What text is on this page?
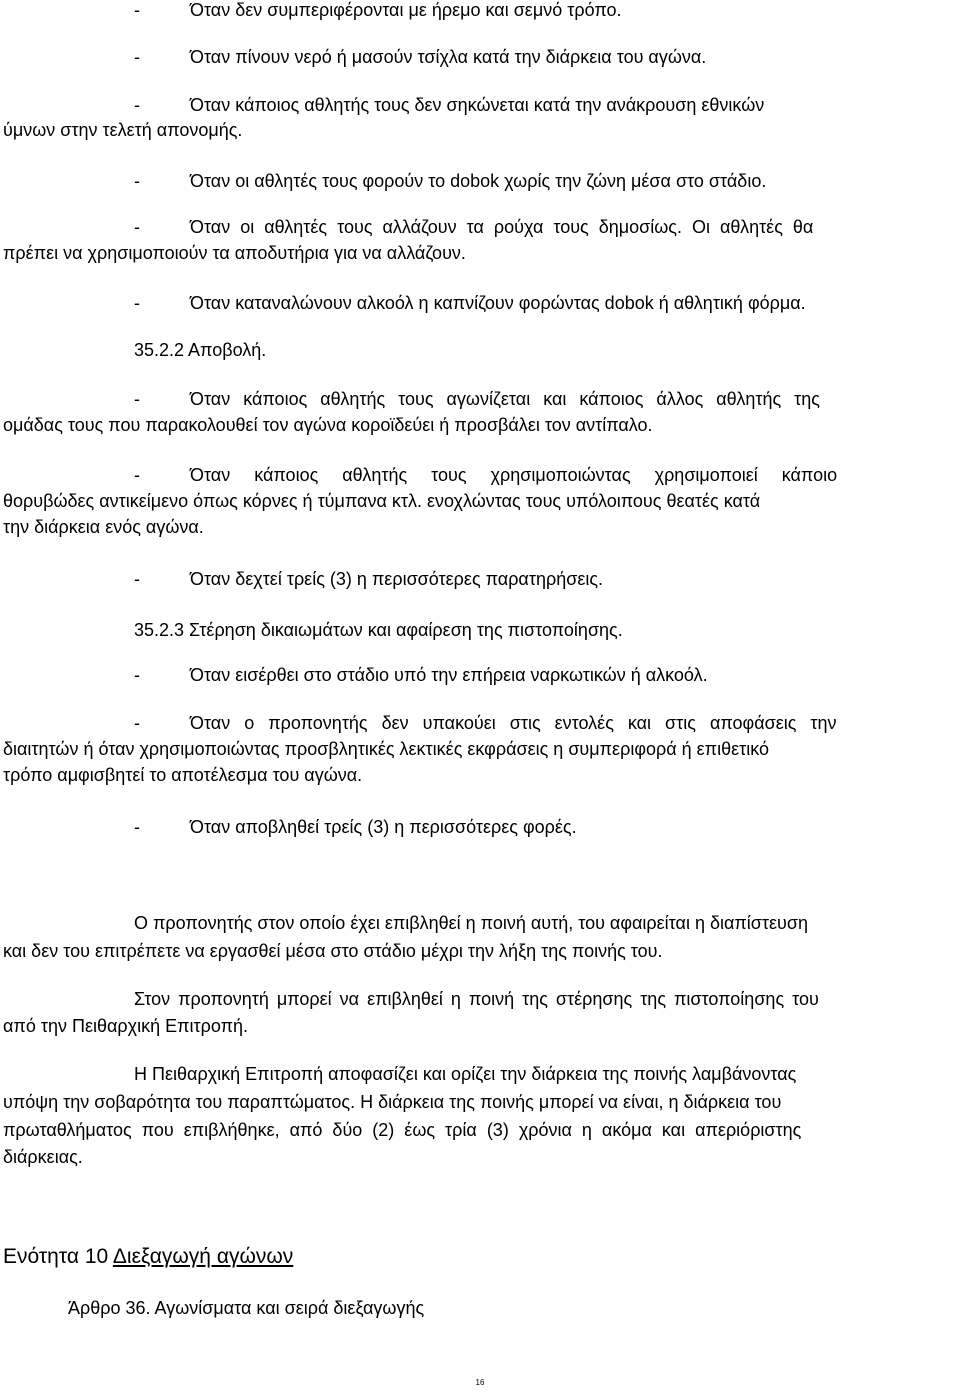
-	Όταν δεν συμπεριφέρονται με ήρεμο και σεμνό τρόπο.
-	Όταν πίνουν νερό ή μασούν τσίχλα κατά την διάρκεια του αγώνα.
-	Όταν κάποιος αθλητής τους δεν σηκώνεται κατά την ανάκρουση εθνικών
ύμνων στην τελετή απονομής.
-	Όταν οι αθλητές τους φορούν το dobok χωρίς την ζώνη μέσα στο στάδιο.
-	Όταν οι αθλητές τους αλλάζουν τα ρούχα τους δημοσίως. Οι αθλητές θα
πρέπει να χρησιμοποιούν τα αποδυτήρια για να αλλάζουν.
-	Όταν καταναλώνουν αλκοόλ η καπνίζουν φορώντας dobok ή αθλητική φόρμα.
35.2.2 Αποβολή.
-	Όταν κάποιος αθλητής τους αγωνίζεται και κάποιος άλλος αθλητής της
ομάδας τους που παρακολουθεί τον αγώνα κοροϊδεύει ή προσβάλει τον αντίπαλο.
-	Όταν κάποιος αθλητής τους χρησιμοποιώντας χρησιμοποιεί κάποιο
θορυβώδες αντικείμενο όπως κόρνες ή τύμπανα κτλ. ενοχλώντας τους υπόλοιπους θεατές κατά
την διάρκεια ενός αγώνα.
-	Όταν δεχτεί τρείς (3) η περισσότερες παρατηρήσεις.
35.2.3 Στέρηση δικαιωμάτων και αφαίρεση της πιστοποίησης.
-	Όταν εισέρθει στο στάδιο υπό την επήρεια ναρκωτικών ή αλκοόλ.
-	Όταν ο προπονητής δεν υπακούει στις εντολές και στις αποφάσεις την
διαιτητών ή όταν χρησιμοποιώντας προσβλητικές λεκτικές εκφράσεις η συμπεριφορά ή επιθετικό
τρόπο αμφισβητεί το αποτέλεσμα του αγώνα.
-	Όταν αποβληθεί τρείς (3) η περισσότερες φορές.
Ο προπονητής στον οποίο έχει επιβληθεί η ποινή αυτή, του αφαιρείται η διαπίστευση
και δεν του επιτρέπετε να εργασθεί μέσα στο στάδιο μέχρι την λήξη της ποινής του.
Στον προπονητή μπορεί να επιβληθεί η ποινή της στέρησης της πιστοποίησης του
από την Πειθαρχική Επιτροπή.
Η Πειθαρχική Επιτροπή αποφασίζει και ορίζει την διάρκεια της ποινής λαμβάνοντας
υπόψη την σοβαρότητα του παραπτώματος. Η διάρκεια της ποινής μπορεί να είναι, η διάρκεια του
πρωταθλήματος που επιβλήθηκε, από δύο (2) έως τρία (3) χρόνια η ακόμα και απεριόριστης
διάρκειας.
Ενότητα 10 Διεξαγωγή αγώνων
Άρθρο 36. Αγωνίσματα και σειρά διεξαγωγής
16
